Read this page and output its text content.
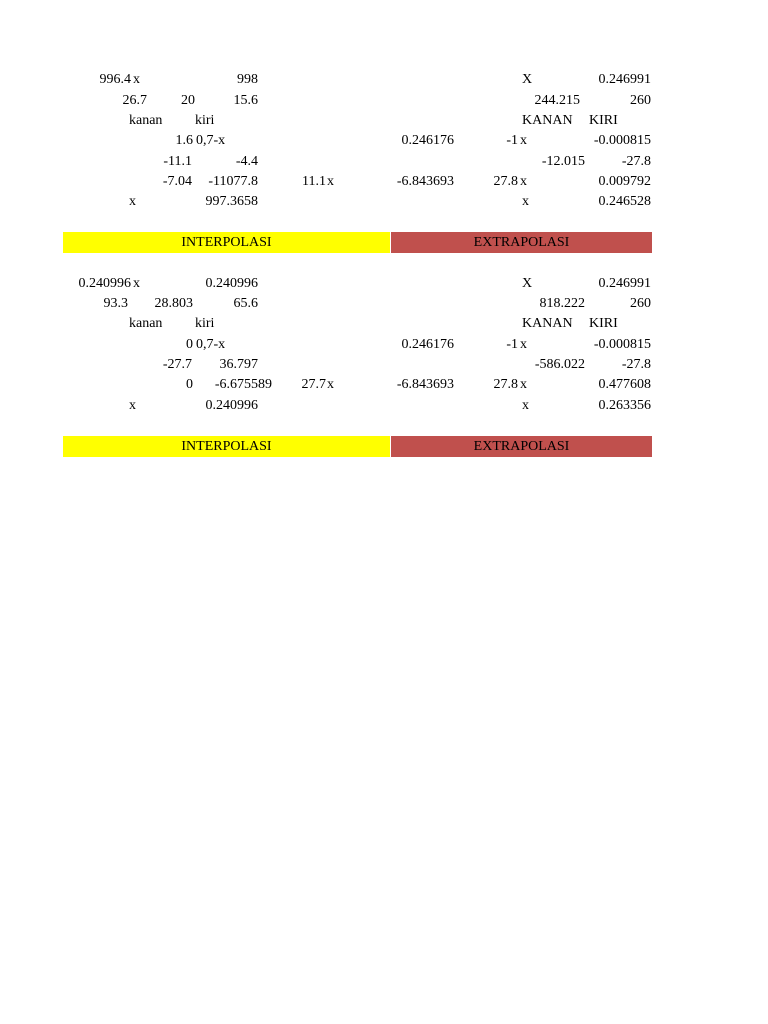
996.4 x	998	X	0.246991
26.7 20	15.6	244.215	260
kanan kiri	KANAN KIRI
1.6 0,7-x	0.246176	-1 x	-0.000815
-11.1	-4.4	-12.015	-27.8
-7.04 -11077.8	11.1 x	-6.843693	27.8 x	0.009792
x	997.3658	x	0.246528
INTERPOLASI	EXTRAPOLASI
0.240996 x	0.240996	X	0.246991
93.3 28.803	65.6	818.222	260
kanan kiri	KANAN KIRI
0 0,7-x	0.246176	-1 x	-0.000815
-27.7 36.797	-586.022	-27.8
0 -6.675589 27.7 x	-6.843693	27.8 x	0.477608
x	0.240996	x	0.263356
INTERPOLASI	EXTRAPOLASI
